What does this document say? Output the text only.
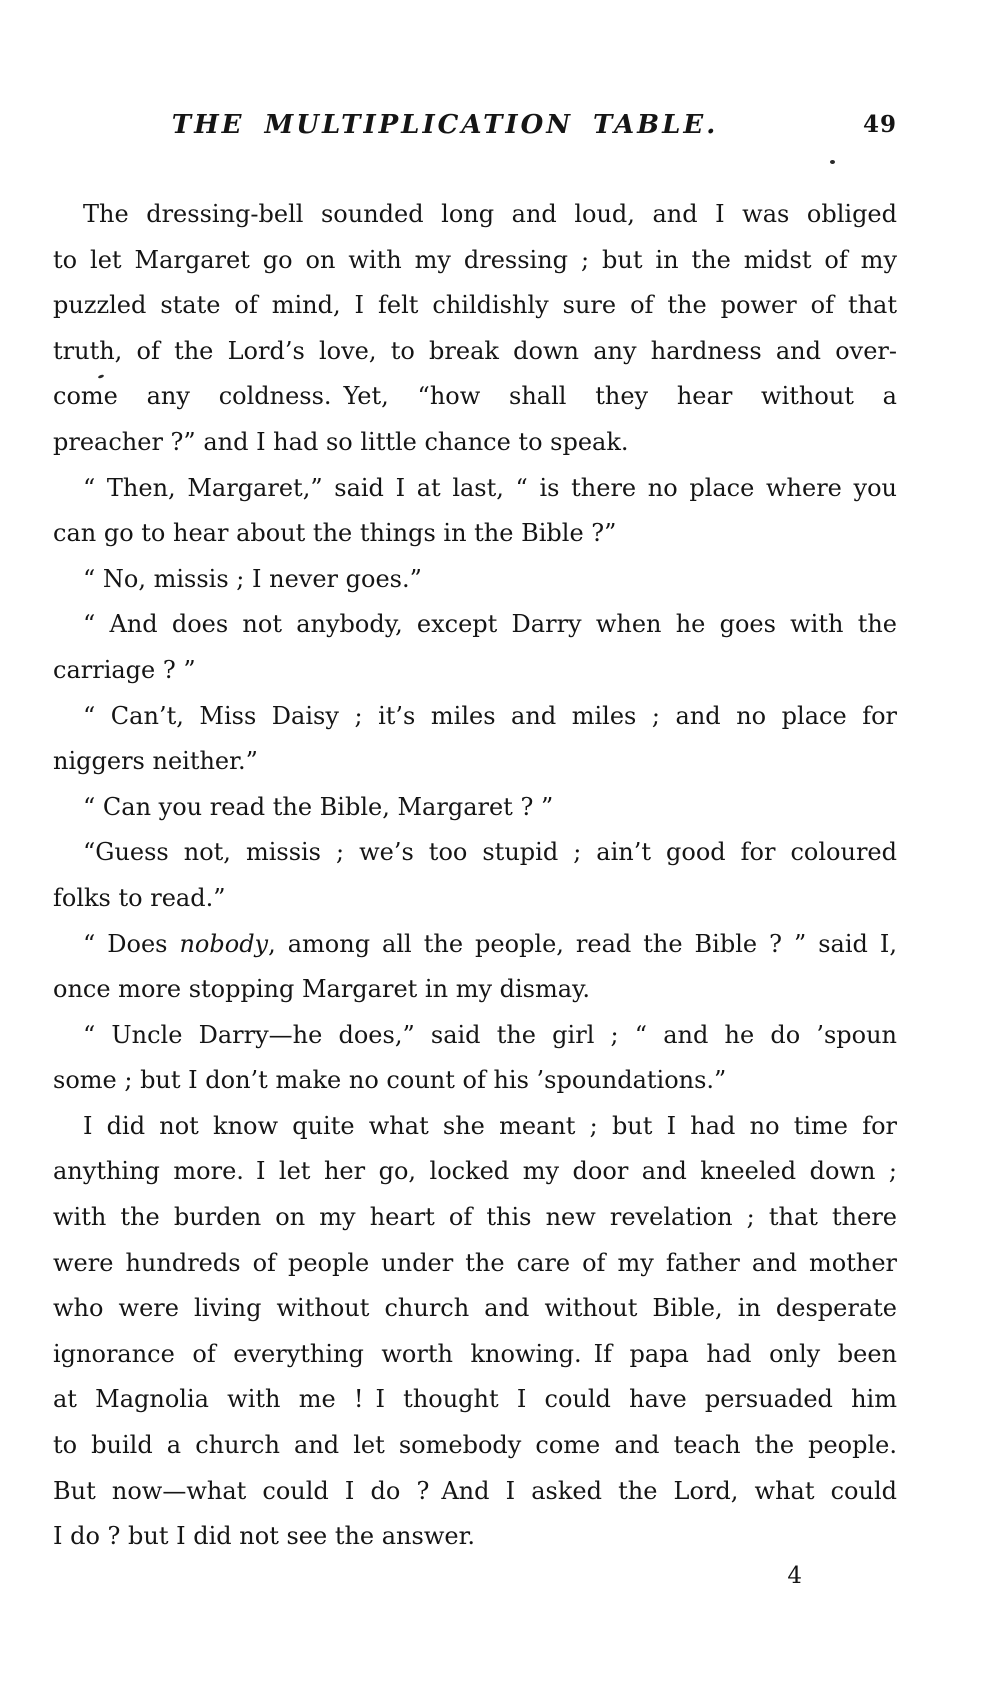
THE MULTIPLICATION TABLE.	49
The dressing-bell sounded long and loud, and I was obliged
to let Margaret go on with my dressing ; but in the midst of my
puzzled state of mind, I felt childishly sure of the power of that
truth, of the Lord’s love, to break down any hardness and over-
come any coldness. Yet, “how shall they hear without a
preacher ?” and I had so little chance to speak.
“ Then, Margaret,” said I at last, “ is there no place where you
can go to hear about the things in the Bible ?”
“ No, missis ; I never goes.”
“ And does not anybody, except Darry when he goes with the
carriage ? ”
“ Can’t, Miss Daisy ; it’s miles and miles ; and no place for
niggers neither.”
“ Can you read the Bible, Margaret ? ”
“Guess not, missis ; we’s too stupid ; ain’t good for coloured
folks to read.”
“ Does nobody, among all the people, read the Bible ? ” said I,
once more stopping Margaret in my dismay.
“ Uncle Darry—he does,” said the girl ; “ and he do ’spoun
some ; but I don’t make no count of his ’spoundations.”
I did not know quite what she meant ; but I had no time for
anything more. I let her go, locked my door and kneeled down ;
with the burden on my heart of this new revelation ; that there
were hundreds of people under the care of my father and mother
who were living without church and without Bible, in desperate
ignorance of everything worth knowing. If papa had only been
at Magnolia with me ! I thought I could have persuaded him
to build a church and let somebody come and teach the people.
But now—what could I do ? And I asked the Lord, what could
I do ? but I did not see the answer.
4
